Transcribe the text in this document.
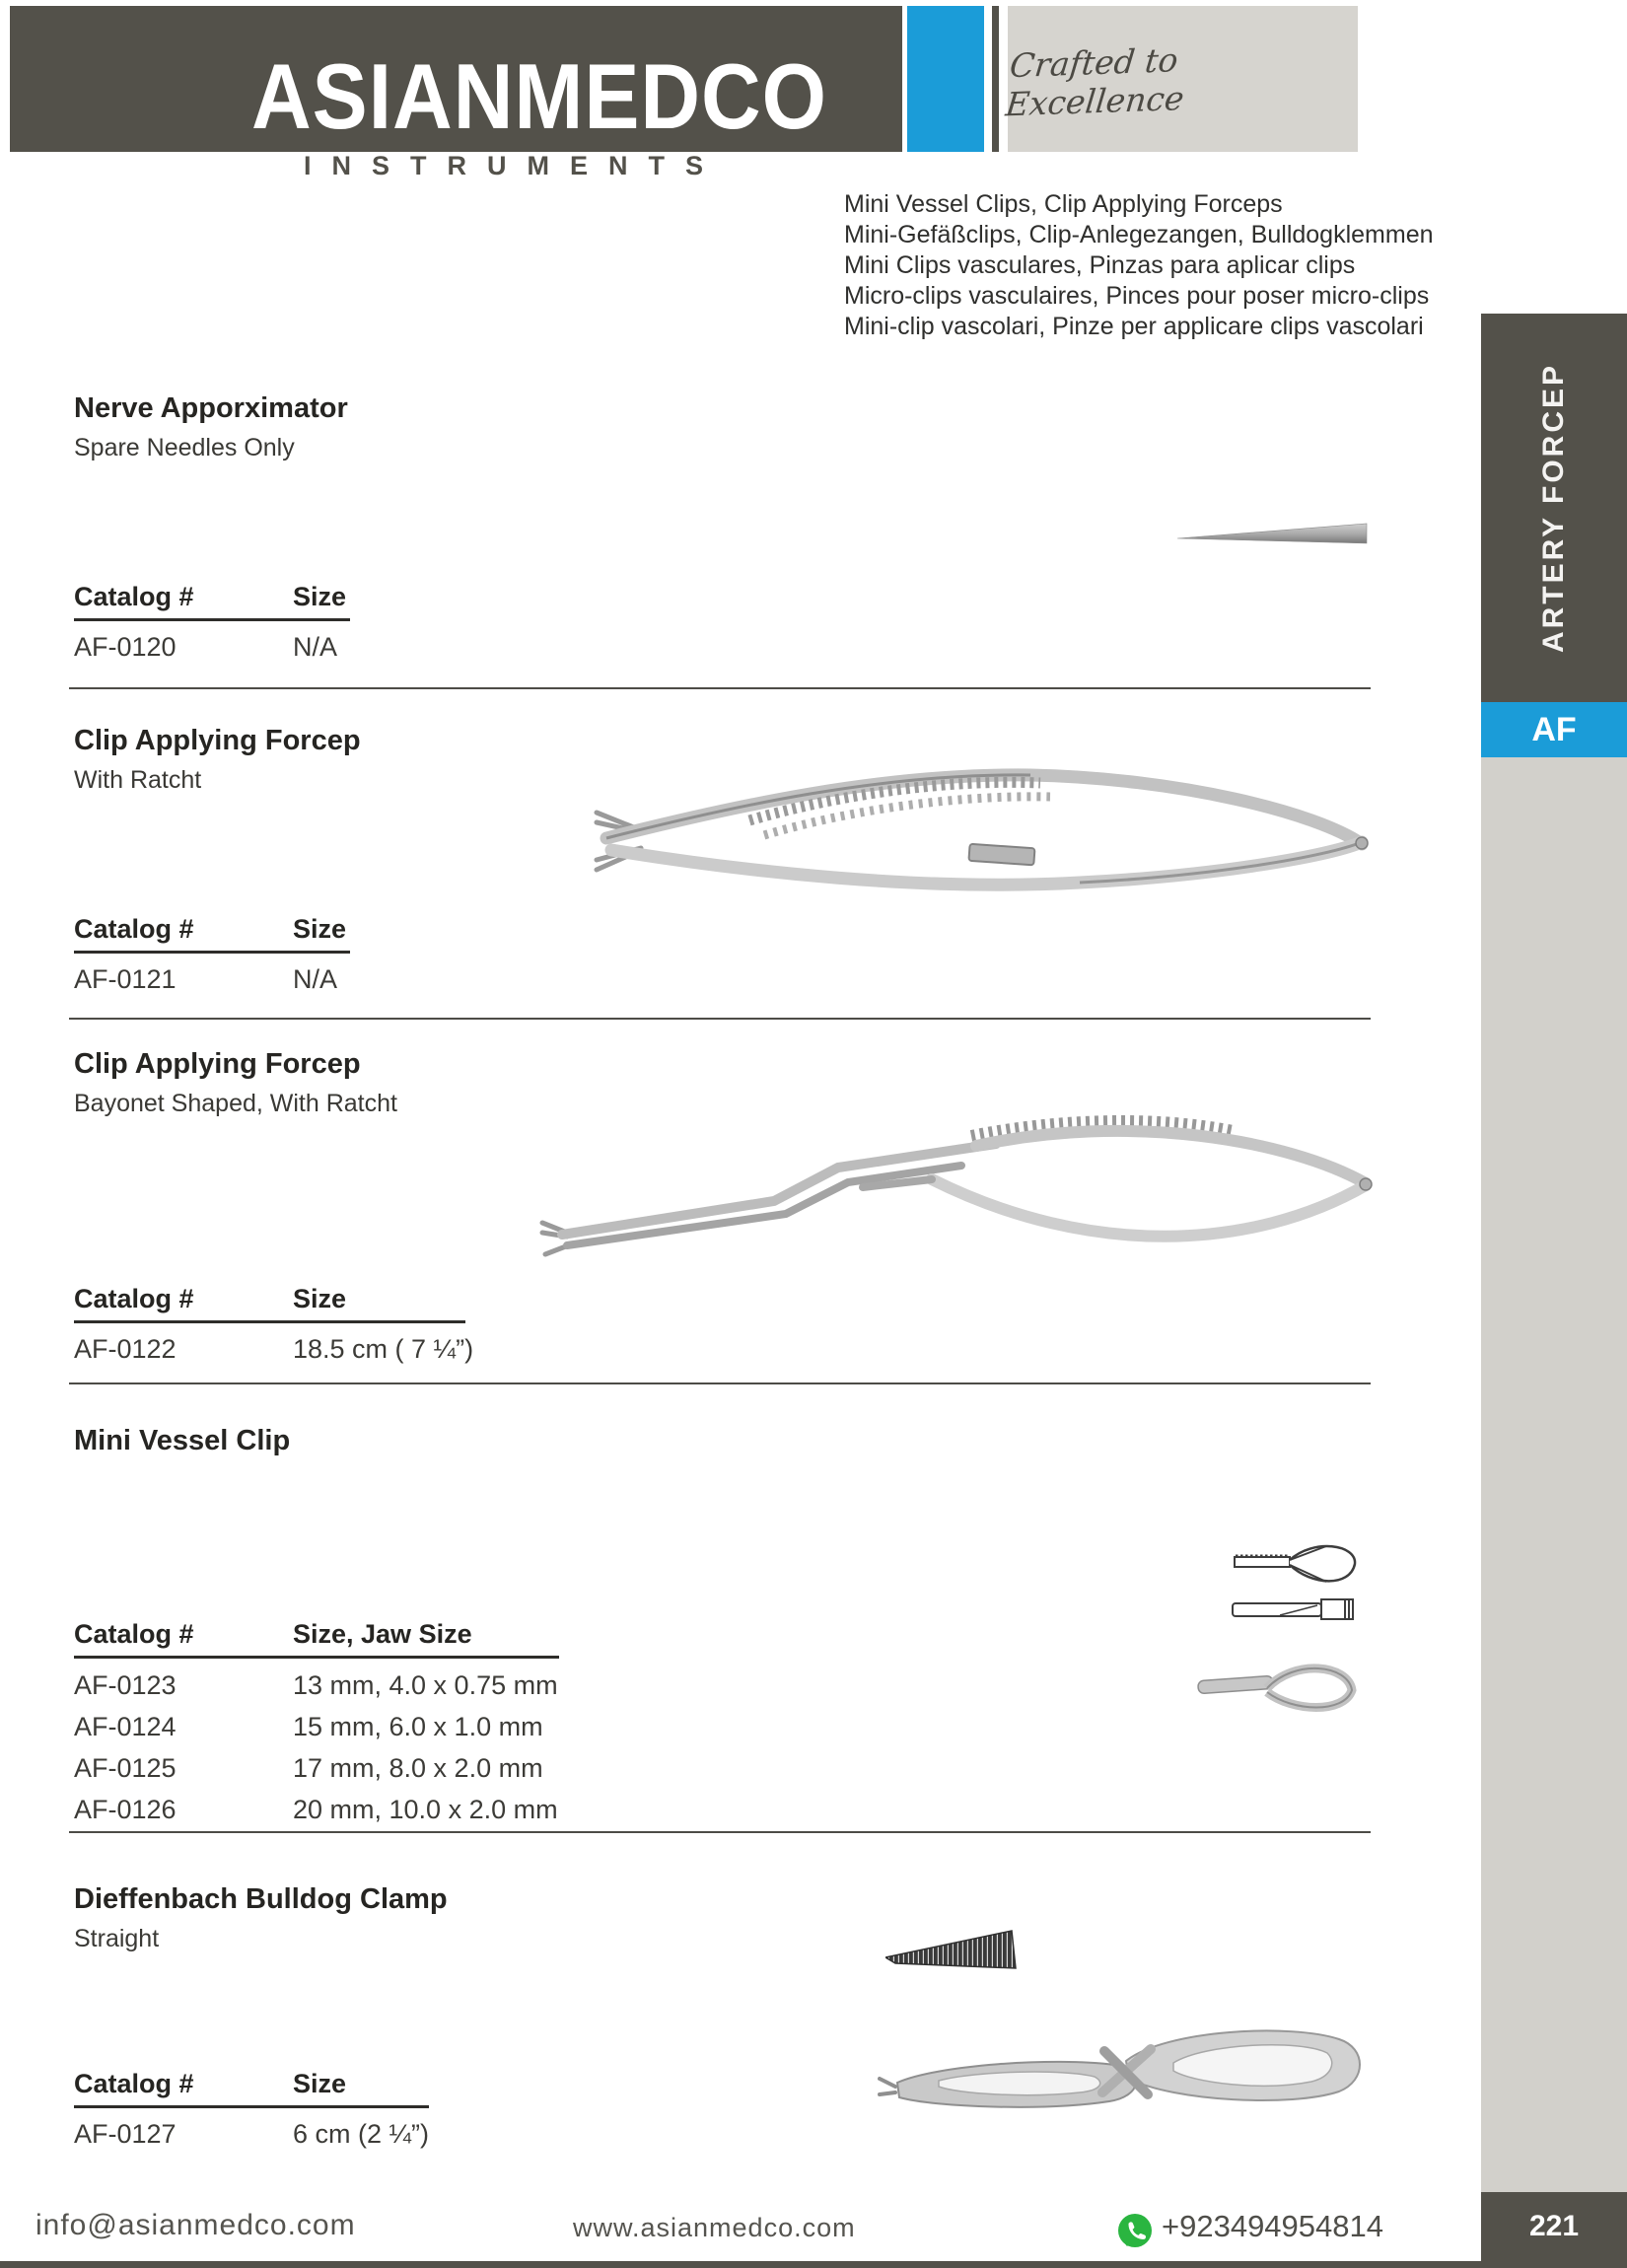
ASIANMEDCO
INSTRUMENTS
Crafted to Excellence
Mini Vessel Clips, Clip Applying Forceps
Mini-Gefäßclips, Clip-Anlegezangen, Bulldogklemmen
Mini Clips vasculares, Pinzas para aplicar clips
Micro-clips vasculaires, Pinces pour poser micro-clips
Mini-clip vascolari, Pinze per applicare clips vascolari
ARTERY FORCEP
AF
Nerve Apporximator
Spare Needles Only
Catalog #	Size
AF-0120	N/A
Clip Applying Forcep
With Ratcht
Catalog #	Size
AF-0121	N/A
Clip Applying Forcep
Bayonet Shaped, With Ratcht
Catalog #	Size
AF-0122	18.5 cm ( 7 ¼”)
Mini Vessel Clip
Catalog #	Size, Jaw Size
AF-0123	13 mm, 4.0 x 0.75 mm
AF-0124	15 mm, 6.0 x 1.0 mm
AF-0125	17 mm, 8.0 x 2.0 mm
AF-0126	20 mm, 10.0 x 2.0 mm
Dieffenbach Bulldog Clamp
Straight
Catalog #	Size
AF-0127	6 cm (2 ¼”)
info@asianmedco.com	www.asianmedco.com	+923494954814	221
